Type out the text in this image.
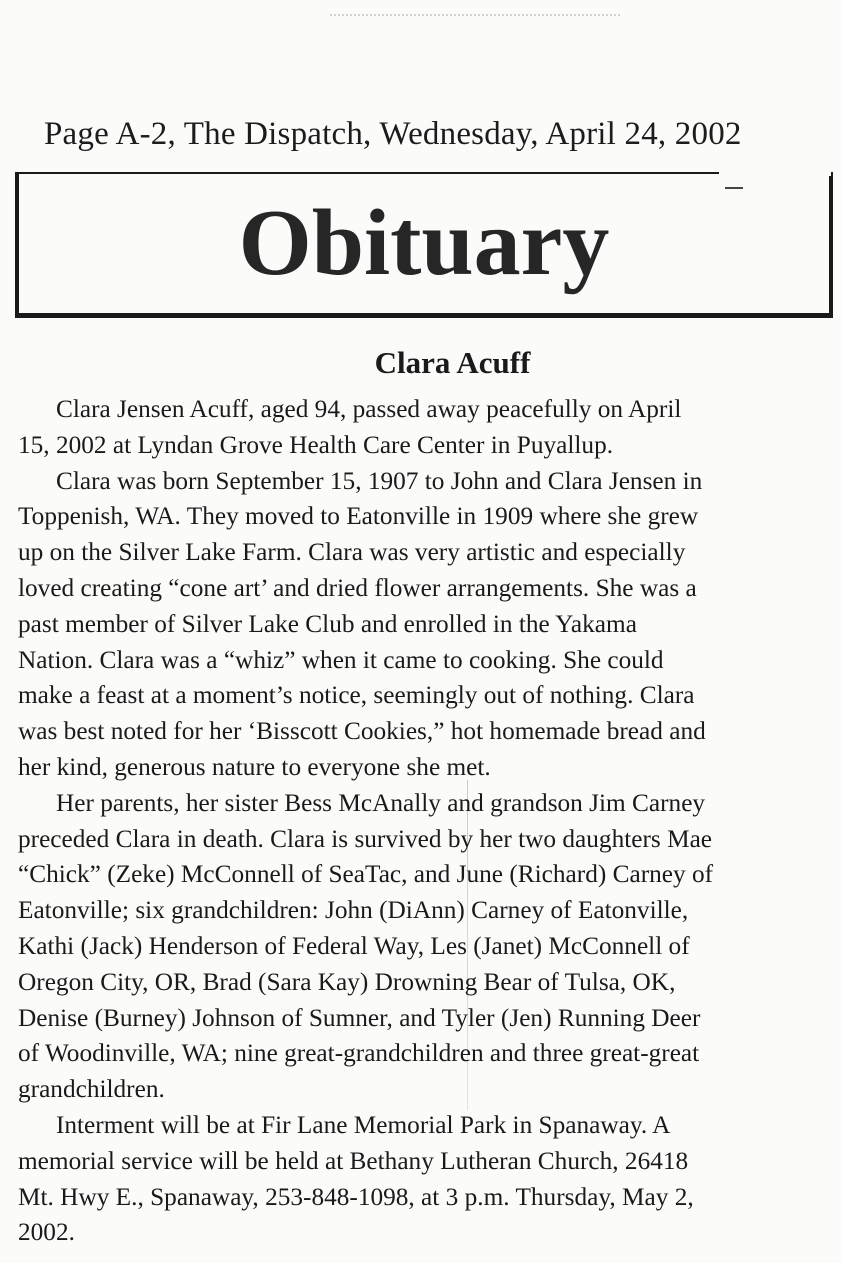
Page A-2, The Dispatch, Wednesday, April 24, 2002
Obituary
Clara Acuff
  Clara Jensen Acuff, aged 94, passed away peacefully on April
15, 2002 at Lyndan Grove Health Care Center in Puyallup.
  Clara was born September 15, 1907 to John and Clara Jensen in
Toppenish, WA. They moved to Eatonville in 1909 where she grew
up on the Silver Lake Farm. Clara was very artistic and especially
loved creating “cone art’ and dried flower arrangements. She was a
past member of Silver Lake Club and enrolled in the Yakama
Nation. Clara was a “whiz” when it came to cooking. She could
make a feast at a moment’s notice, seemingly out of nothing. Clara
was best noted for her ‘Bisscott Cookies,” hot homemade bread and
her kind, generous nature to everyone she met.
  Her parents, her sister Bess McAnally and grandson Jim Carney
preceded Clara in death. Clara is survived by her two daughters Mae
“Chick” (Zeke) McConnell of SeaTac, and June (Richard) Carney of
Eatonville; six grandchildren: John (DiAnn) Carney of Eatonville,
Kathi (Jack) Henderson of Federal Way, Les (Janet) McConnell of
Oregon City, OR, Brad (Sara Kay) Drowning Bear of Tulsa, OK,
Denise (Burney) Johnson of Sumner, and Tyler (Jen) Running Deer
of Woodinville, WA; nine great-grandchildren and three great-great
grandchildren.
  Interment will be at Fir Lane Memorial Park in Spanaway. A
memorial service will be held at Bethany Lutheran Church, 26418
Mt. Hwy E., Spanaway, 253-848-1098, at 3 p.m. Thursday, May 2,
2002.
